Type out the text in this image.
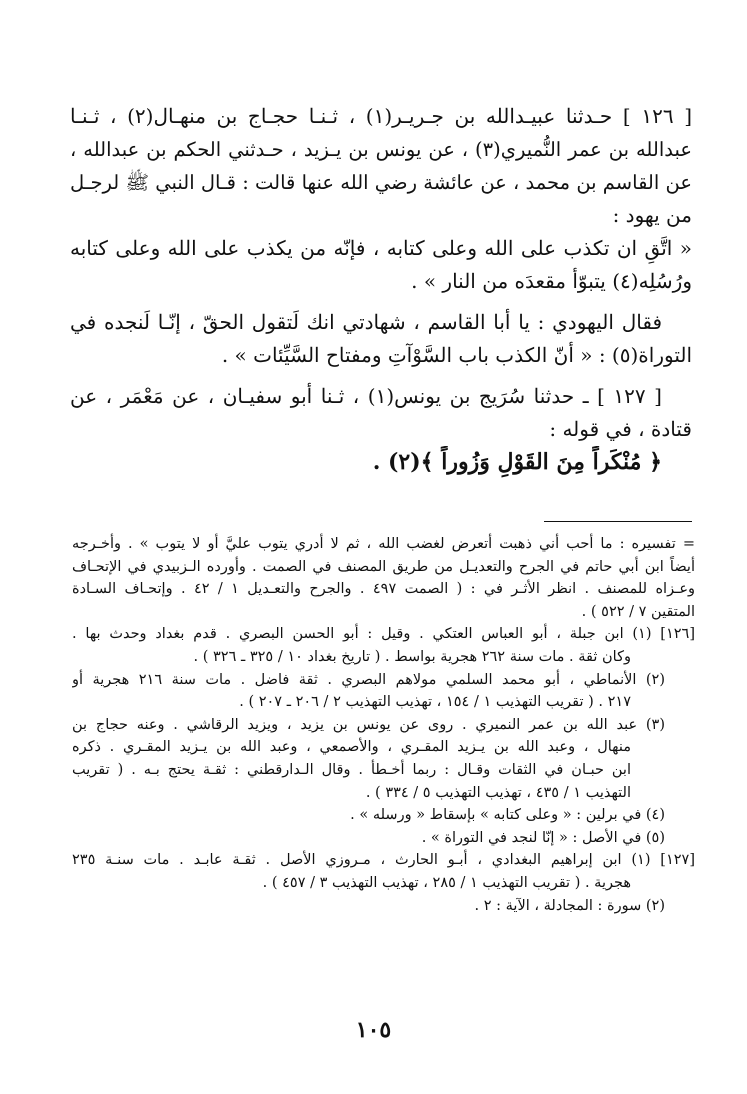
[ ١٢٦ ] حـدثنا عبيـدالله بن جـريـر(١) ، ثـنـا حجـاج بن منهـال(٢) ، ثـنـا
عبدالله بن عمر النُّميري(٣) ، عن يونس بن يـزيد ، حـدثني الحكم بن عبدالله ،
عن القاسم بن محمد ، عن عائشة رضي الله عنها قالت : قـال النبي ﷺ لرجـل
من يهود :
« اتَّقِ ان تكذب على الله وعلى كتابه ، فإنّه من يكذب على الله وعلى كتابه
ورُسُلِه(٤) يتبوّأ مقعدَه من النار » .
فقال اليهودي : يا أبا القاسم ، شهادتي انك لَتقول الحقّ ، إنّـا لَنجده في
التوراة(٥) : « أنّ الكذب باب السَّوْآتِ ومفتاح السَّيِّئات » .
[ ١٢٧ ] ـ حدثنا سُرَيج بن يونس(١) ، ثـنا أبو سفيـان ، عن مَعْمَر ، عن
قتادة ، في قوله :
﴿ مُنْكَراً مِنَ القَوْلِ وَزُوراً ﴾(٢) .
= تفسيره : ما أحب أني ذهبت أتعرض لغضب الله ، ثم لا أدري يتوب عليَّ أو لا يتوب » . وأخـرجه
أيضاً ابن أبي حاتم في الجرح والتعديـل من طريق المصنف في الصمت . وأورده الـزبيدي في الإتحـاف
وعـزاه للمصنف . انظر الأثـر في : ( الصمت ٤٩٧ . والجرح والتعـديل ١ / ٤٢ . وإتحـاف السـادة
المتقين ٧ / ٥٢٢ ) .
[١٢٦] (١) ابن جبلة ، أبو العباس العتكي . وقيل : أبو الحسن البصري . قدم بغداد وحدث بها .
وكان ثقة . مات سنة ٢٦٢ هجرية بواسط . ( تاريخ بغداد ١٠ / ٣٢٥ ـ ٣٢٦ ) .
(٢) الأنماطي ، أبو محمد السلمي مولاهم البصري . ثقة فاضل . مات سنة ٢١٦ هجرية أو
٢١٧ . ( تقريب التهذيب ١ / ١٥٤ ، تهذيب التهذيب ٢ / ٢٠٦ ـ ٢٠٧ ) .
(٣) عبد الله بن عمر النميري . روى عن يونس بن يزيد ، ويزيد الرقاشي . وعنه حجاج بن
منهال ، وعبد الله بن يـزيد المقـري ، والأصمعي ، وعبد الله بن يـزيد المقـري . ذكره
ابن حبـان في الثقات وقـال : ربما أخـطأ . وقال الـدارقطني : ثقـة يحتج بـه . ( تقريب
التهذيب ١ / ٤٣٥ ، تهذيب التهذيب ٥ / ٣٣٤ ) .
(٤) في برلين : « وعلى كتابه » بإسقاط « ورسله » .
(٥) في الأصل : « إنّا لنجد في التوراة » .
[١٢٧] (١) ابن إبراهيم البغدادي ، أبـو الحارث ، مـروزي الأصل . ثقـة عابـد . مات سنـة ٢٣٥
هجرية . ( تقريب التهذيب ١ / ٢٨٥ ، تهذيب التهذيب ٣ / ٤٥٧ ) .
(٢) سورة : المجادلة ، الآية : ٢ .
١٠٥
